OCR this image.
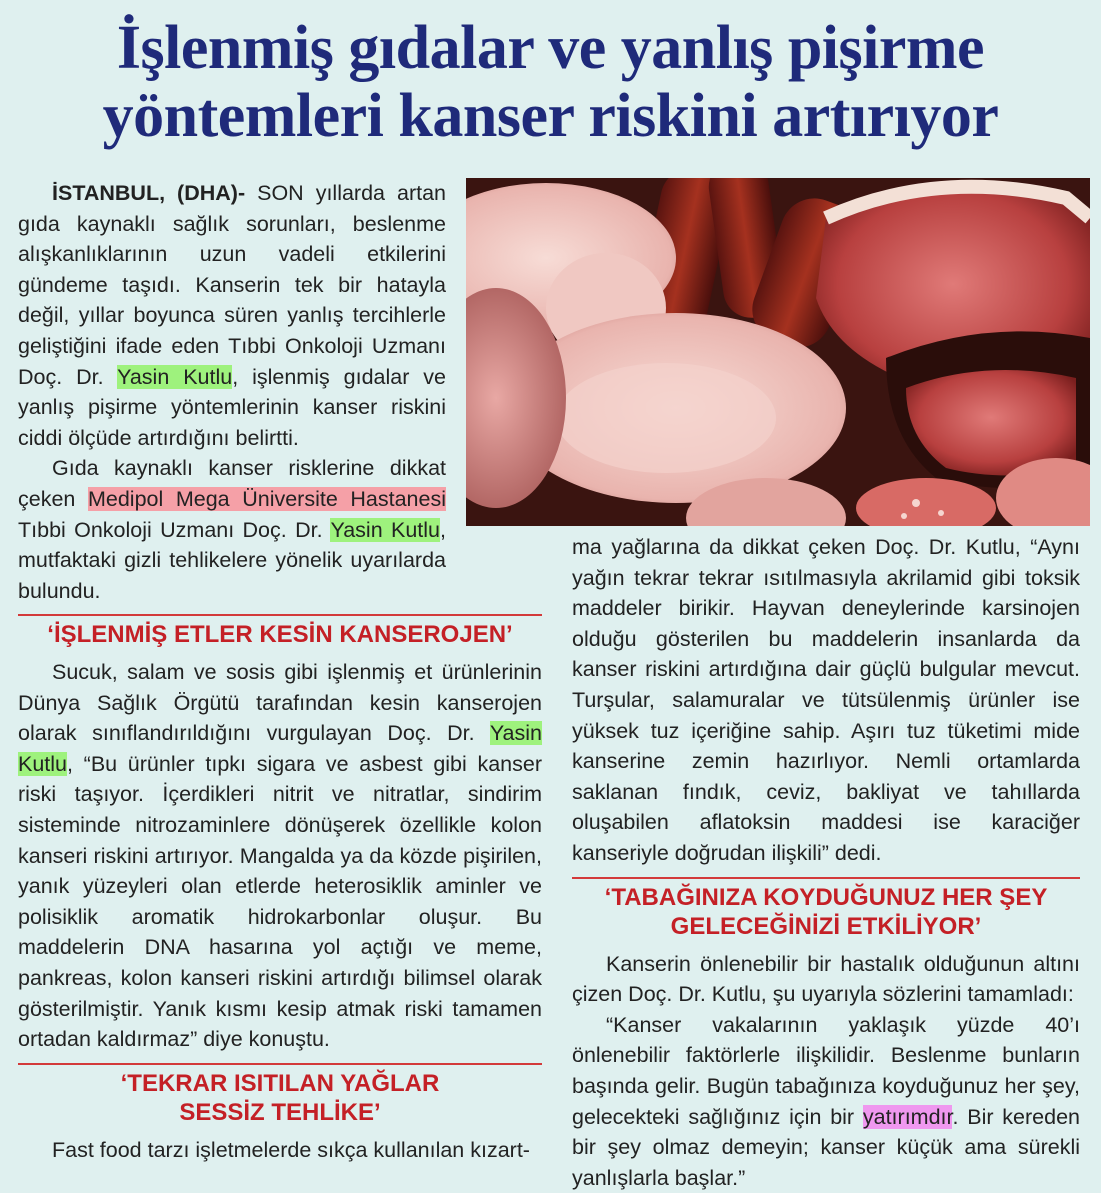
İşlenmiş gıdalar ve yanlış pişirme
yöntemleri kanser riskini artırıyor

İSTANBUL, (DHA)- SON yıllarda artan gıda kaynaklı sağlık sorunları, beslenme alışkanlıklarının uzun vadeli etkilerini gündeme taşıdı. Kanserin tek bir hatayla değil, yıllar boyunca süren yanlış tercihlerle geliştiğini ifade eden Tıbbi Onkoloji Uzmanı Doç. Dr. Yasin Kutlu, işlenmiş gıdalar ve yanlış pişirme yöntemlerinin kanser riskini ciddi ölçüde artırdığını belirtti.

Gıda kaynaklı kanser risklerine dikkat çeken Medipol Mega Üniversite Hastanesi Tıbbi Onkoloji Uzmanı Doç. Dr. Yasin Kutlu, mutfaktaki gizli tehlikelere yönelik uyarılarda bulundu.

‘İŞLENMİŞ ETLER KESİN KANSEROJEN’

Sucuk, salam ve sosis gibi işlenmiş et ürünlerinin Dünya Sağlık Örgütü tarafından kesin kanserojen olarak sınıflandırıldığını vurgulayan Doç. Dr. Yasin Kutlu, “Bu ürünler tıpkı sigara ve asbest gibi kanser riski taşıyor. İçerdikleri nitrit ve nitratlar, sindirim sisteminde nitrozaminlere dönüşerek özellikle kolon kanseri riskini artırıyor. Mangalda ya da közde pişirilen, yanık yüzeyleri olan etlerde heterosiklik aminler ve polisiklik aromatik hidrokarbonlar oluşur. Bu maddelerin DNA hasarına yol açtığı ve meme, pankreas, kolon kanseri riskini artırdığı bilimsel olarak gösterilmiştir. Yanık kısmı kesip atmak riski tamamen ortadan kaldırmaz” diye konuştu.

‘TEKRAR ISITILAN YAĞLAR SESSİZ TEHLİKE’

Fast food tarzı işletmelerde sıkça kullanılan kızart-

ma yağlarına da dikkat çeken Doç. Dr. Kutlu, “Aynı yağın tekrar tekrar ısıtılmasıyla akrilamid gibi toksik maddeler birikir. Hayvan deneylerinde karsinojen olduğu gösterilen bu maddelerin insanlarda da kanser riskini artırdığına dair güçlü bulgular mevcut. Turşular, salamuralar ve tütsülenmiş ürünler ise yüksek tuz içeriğine sahip. Aşırı tuz tüketimi mide kanserine zemin hazırlıyor. Nemli ortamlarda saklanan fındık, ceviz, bakliyat ve tahıllarda oluşabilen aflatoksin maddesi ise karaciğer kanseriyle doğrudan ilişkili” dedi.

‘TABAĞINIZA KOYDUĞUNUZ HER ŞEY GELECEĞİNİZİ ETKİLİYOR’

Kanserin önlenebilir bir hastalık olduğunun altını çizen Doç. Dr. Kutlu, şu uyarıyla sözlerini tamamladı:

“Kanser vakalarının yaklaşık yüzde 40’ı önlenebilir faktörlerle ilişkilidir. Beslenme bunların başında gelir. Bugün tabağınıza koyduğunuz her şey, gelecekteki sağlığınız için bir yatırımdır. Bir kereden bir şey olmaz demeyin; kanser küçük ama sürekli yanlışlarla başlar.”
